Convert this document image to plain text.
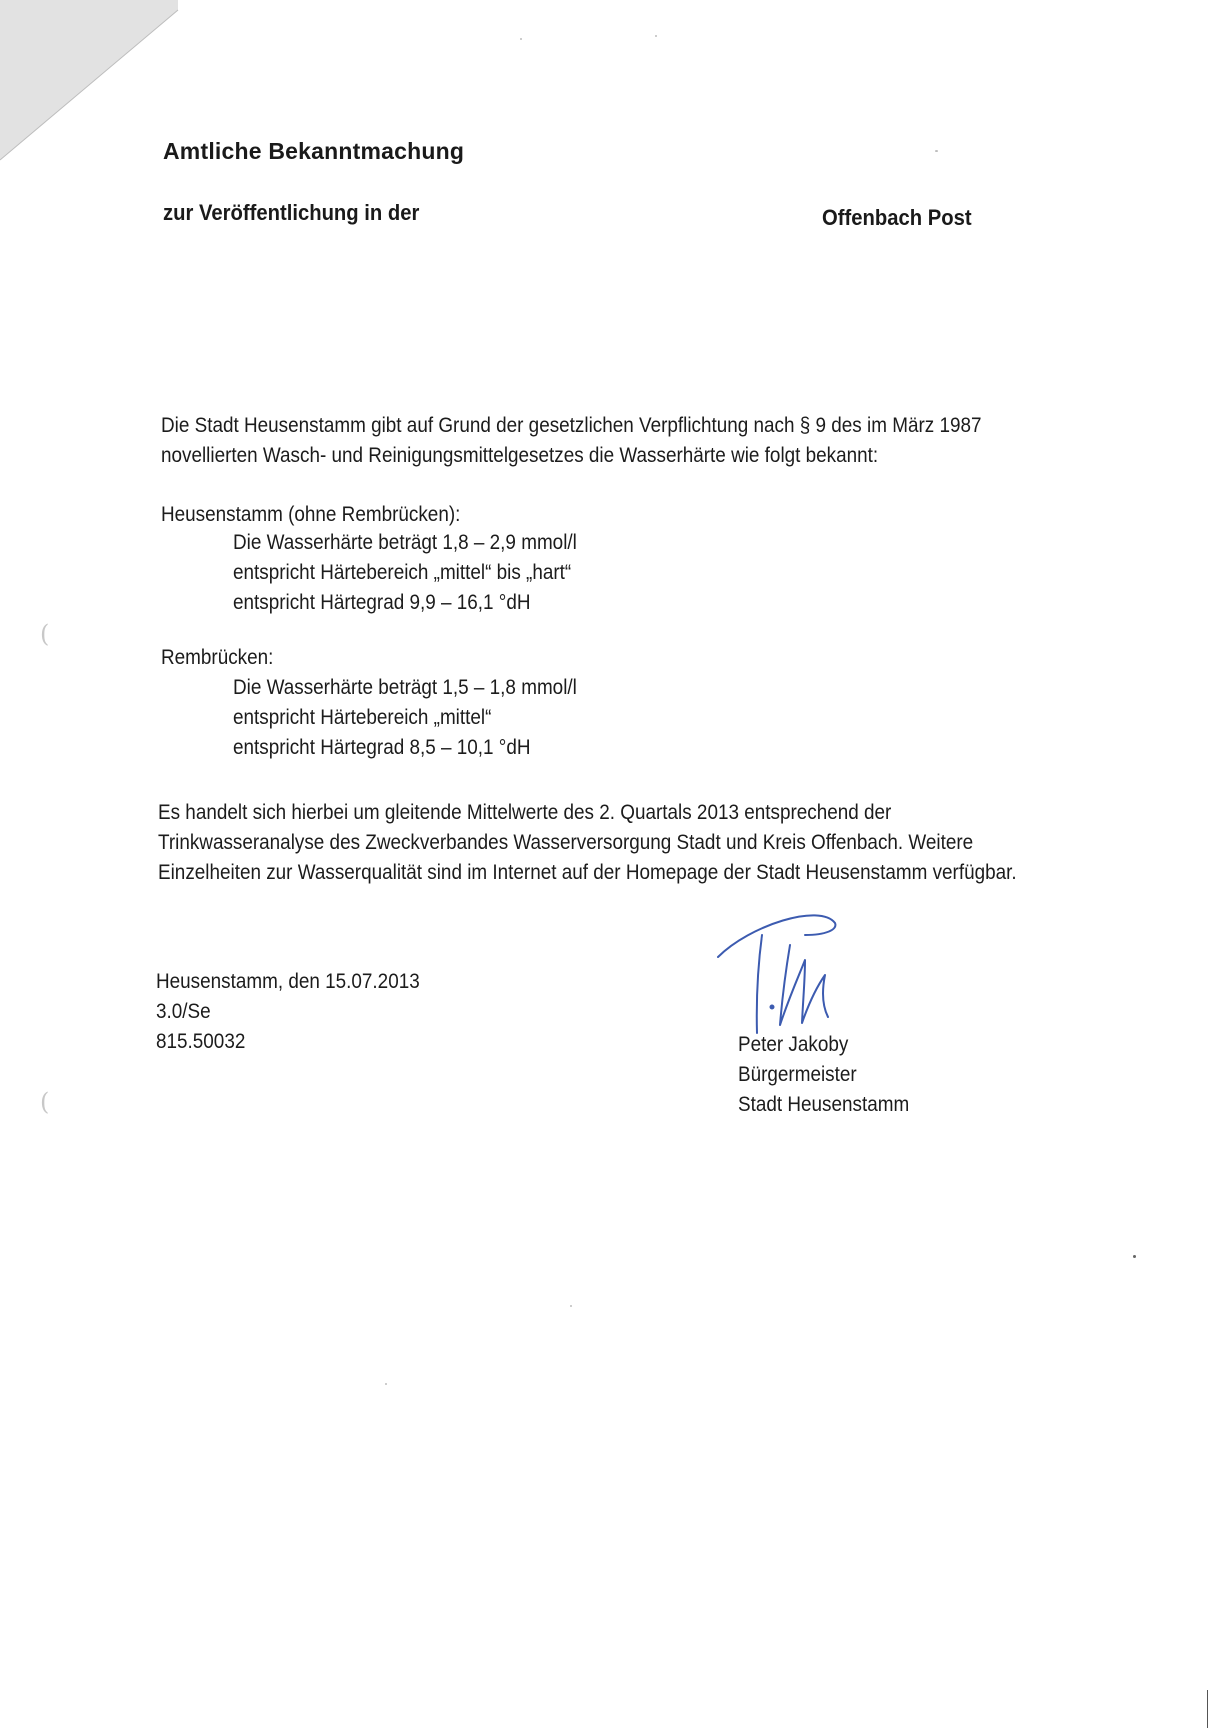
Amtliche Bekanntmachung
zur Veröffentlichung in der	Offenbach Post

Die Stadt Heusenstamm gibt auf Grund der gesetzlichen Verpflichtung nach § 9 des im März 1987

novellierten Wasch- und Reinigungsmittelgesetzes die Wasserhärte wie folgt bekannt:

Heusenstamm (ohne Rembrücken):
Die Wasserhärte beträgt 1,8 – 2,9 mmol/l
entspricht Härtebereich „mittel“ bis „hart“
entspricht Härtegrad 9,9 – 16,1 °dH
Rembrücken:
Die Wasserhärte beträgt 1,5 – 1,8 mmol/l
entspricht Härtebereich „mittel“
entspricht Härtegrad 8,5 – 10,1 °dH

Es handelt sich hierbei um gleitende Mittelwerte des 2. Quartals 2013 entsprechend der

Trinkwasseranalyse des Zweckverbandes Wasserversorgung Stadt und Kreis Offenbach. Weitere

Einzelheiten zur Wasserqualität sind im Internet auf der Homepage der Stadt Heusenstamm verfügbar.

Heusenstamm, den 15.07.2013
3.0/Se
815.50032	Peter Jakoby
Bürgermeister
Stadt Heusenstamm
(
(
